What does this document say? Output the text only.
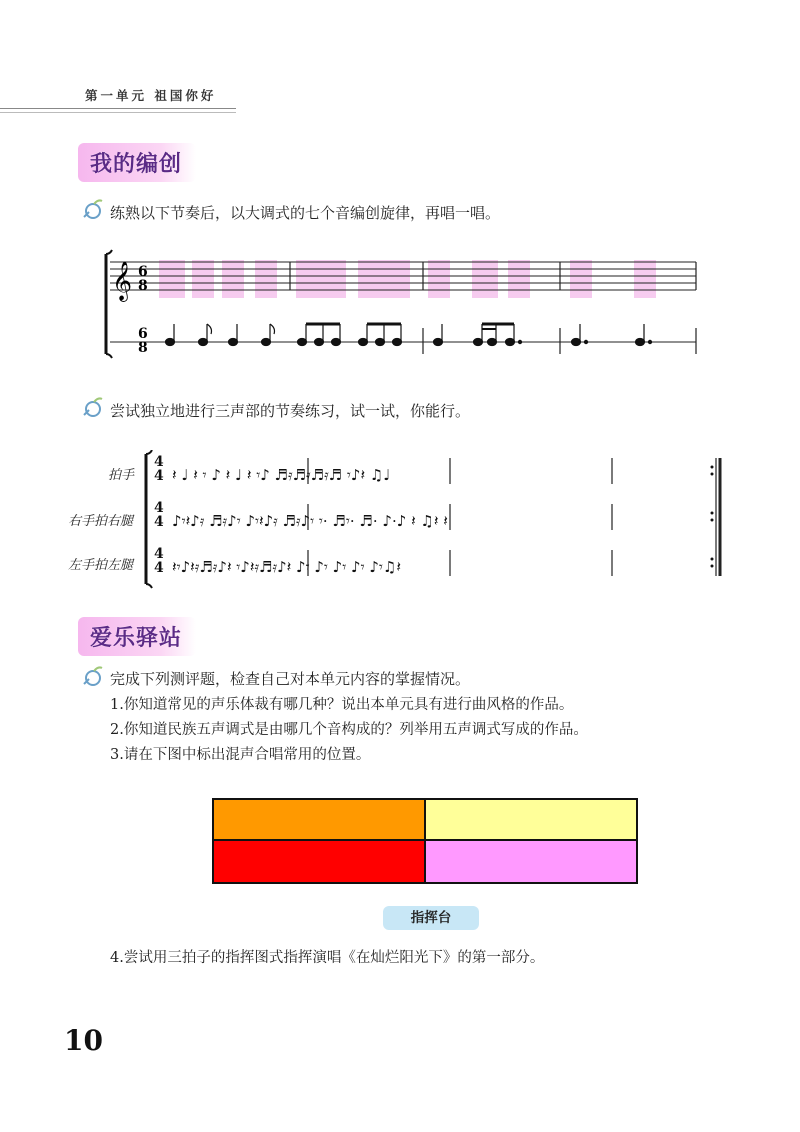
第一单元 祖国你好
我的编创
练熟以下节奏后，以大调式的七个音编创旋律，再唱一唱。
𝄞 6
8
6
8
尝试独立地进行三声部的节奏练习，试一试，你能行。
拍手
右手拍右腿
左手拍左腿
4
4
4
4
4
4
𝄽 ♩ 𝄽 𝄾 ♪ 𝄽 ♩ 𝄽 𝄾♪ ♬𝄿♬𝄿♬𝄿♬ 𝄾♪𝄽 ♫♩
♪𝄾𝄽♪𝄿 ♬𝄿♪𝄾 ♪𝄾𝄽♪𝄿 ♬𝄿♪𝄾 𝄾· ♬𝄾· ♬· ♪·♪ 𝄽 ♫𝄽 𝄽
𝄽𝄾♪𝄽𝄿♬𝄿♪𝄽 𝄾♪𝄽𝄿♬𝄿♪𝄽 ♪𝄾 ♪𝄾 ♪𝄾 ♪𝄾 ♪𝄾♫𝄽
爱乐驿站
完成下列测评题，检查自己对本单元内容的掌握情况。
1.你知道常见的声乐体裁有哪几种？说出本单元具有进行曲风格的作品。
2.你知道民族五声调式是由哪几个音构成的？列举用五声调式写成的作品。
3.请在下图中标出混声合唱常用的位置。
指挥台
4.尝试用三拍子的指挥图式指挥演唱《在灿烂阳光下》的第一部分。
10
